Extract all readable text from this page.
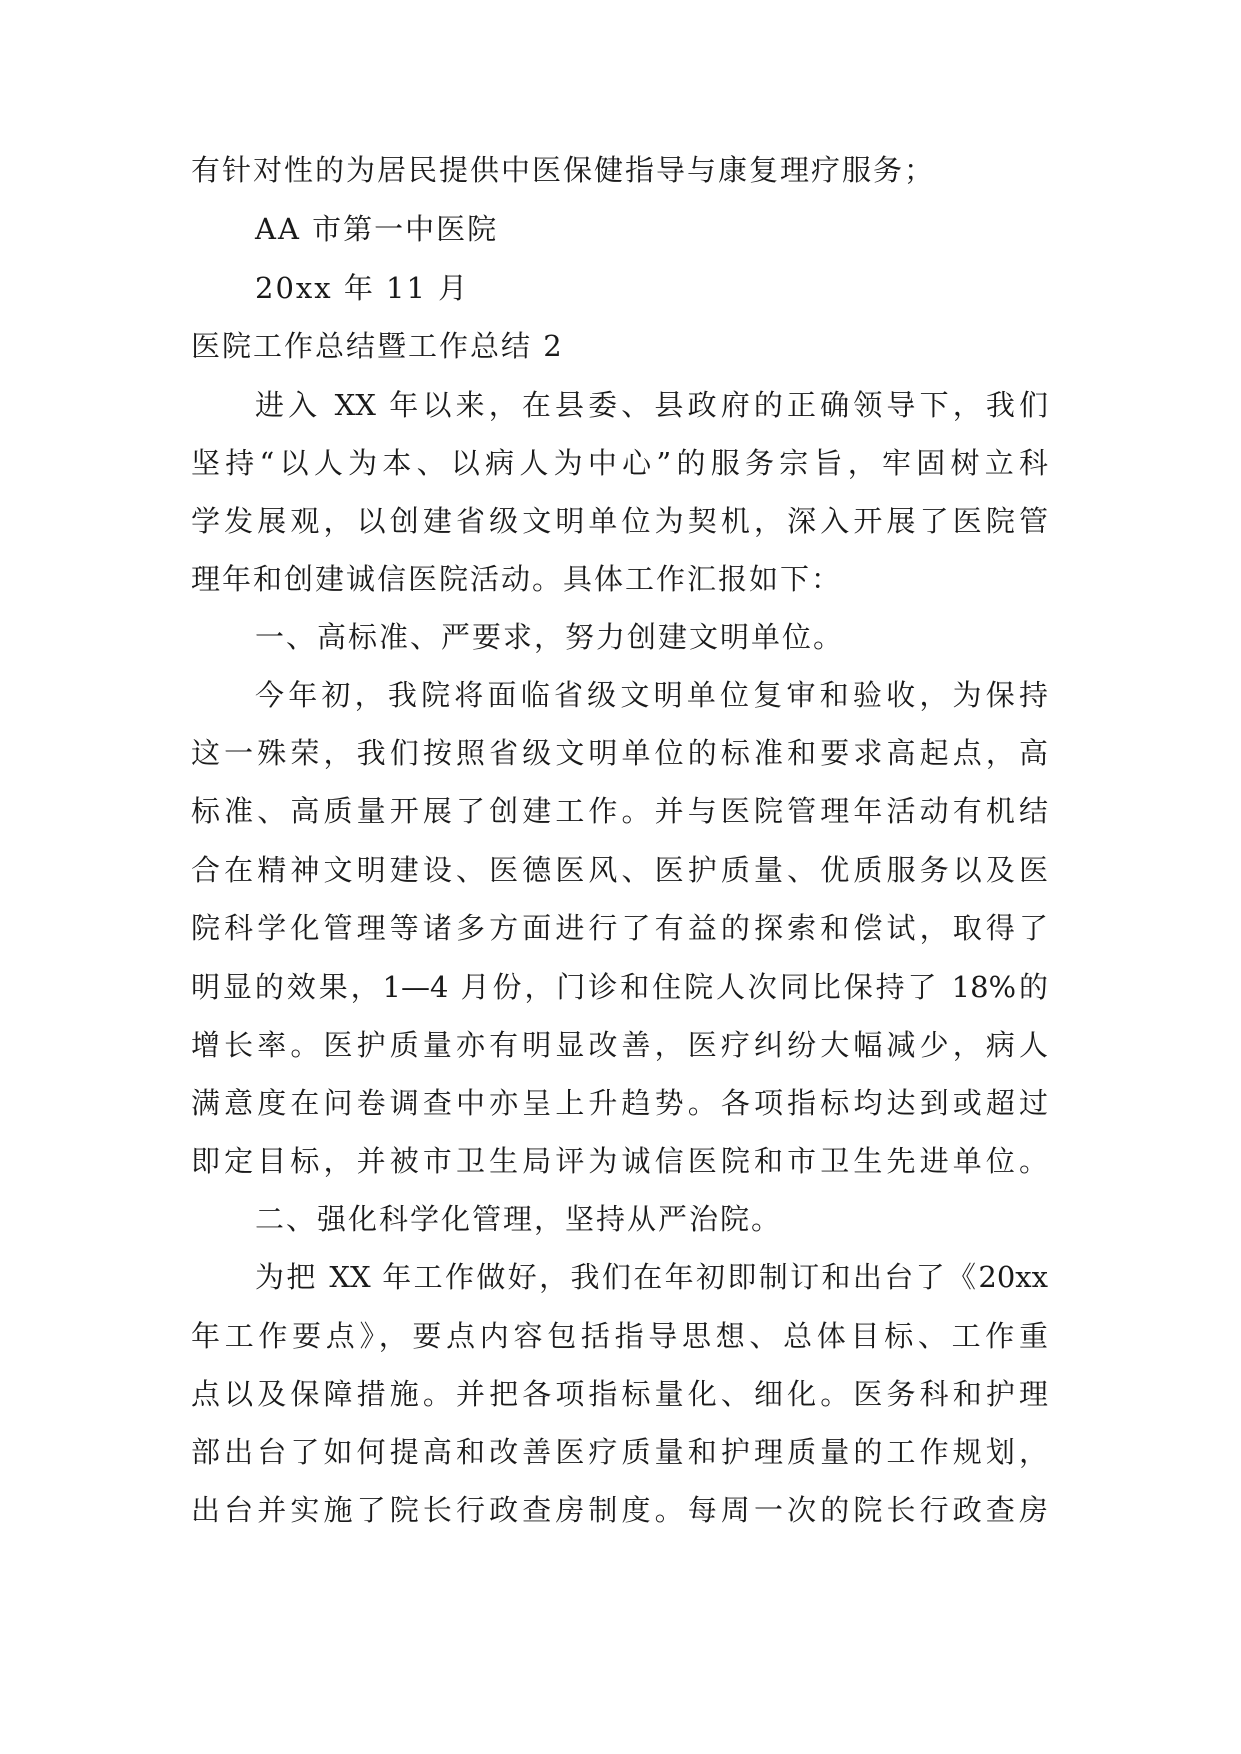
有针对性的为居民提供中医保健指导与康复理疗服务；
AA 市第一中医院
20xx 年 11 月
医院工作总结暨工作总结 2
进入 XX 年以来，在县委、县政府的正确领导下，我们
坚持“以人为本、以病人为中心”的服务宗旨，牢固树立科
学发展观，以创建省级文明单位为契机，深入开展了医院管
理年和创建诚信医院活动。具体工作汇报如下：
一、高标准、严要求，努力创建文明单位。
今年初，我院将面临省级文明单位复审和验收，为保持
这一殊荣，我们按照省级文明单位的标准和要求高起点，高
标准、高质量开展了创建工作。并与医院管理年活动有机结
合在精神文明建设、医德医风、医护质量、优质服务以及医
院科学化管理等诸多方面进行了有益的探索和偿试，取得了
明显的效果，1—4 月份，门诊和住院人次同比保持了 18%的
增长率。医护质量亦有明显改善，医疗纠纷大幅减少，病人
满意度在问卷调查中亦呈上升趋势。各项指标均达到或超过
即定目标，并被市卫生局评为诚信医院和市卫生先进单位。
二、强化科学化管理，坚持从严治院。
为把 XX 年工作做好，我们在年初即制订和出台了《20xx
年工作要点》，要点内容包括指导思想、总体目标、工作重
点以及保障措施。并把各项指标量化、细化。医务科和护理
部出台了如何提高和改善医疗质量和护理质量的工作规划，
出台并实施了院长行政查房制度。每周一次的院长行政查房
